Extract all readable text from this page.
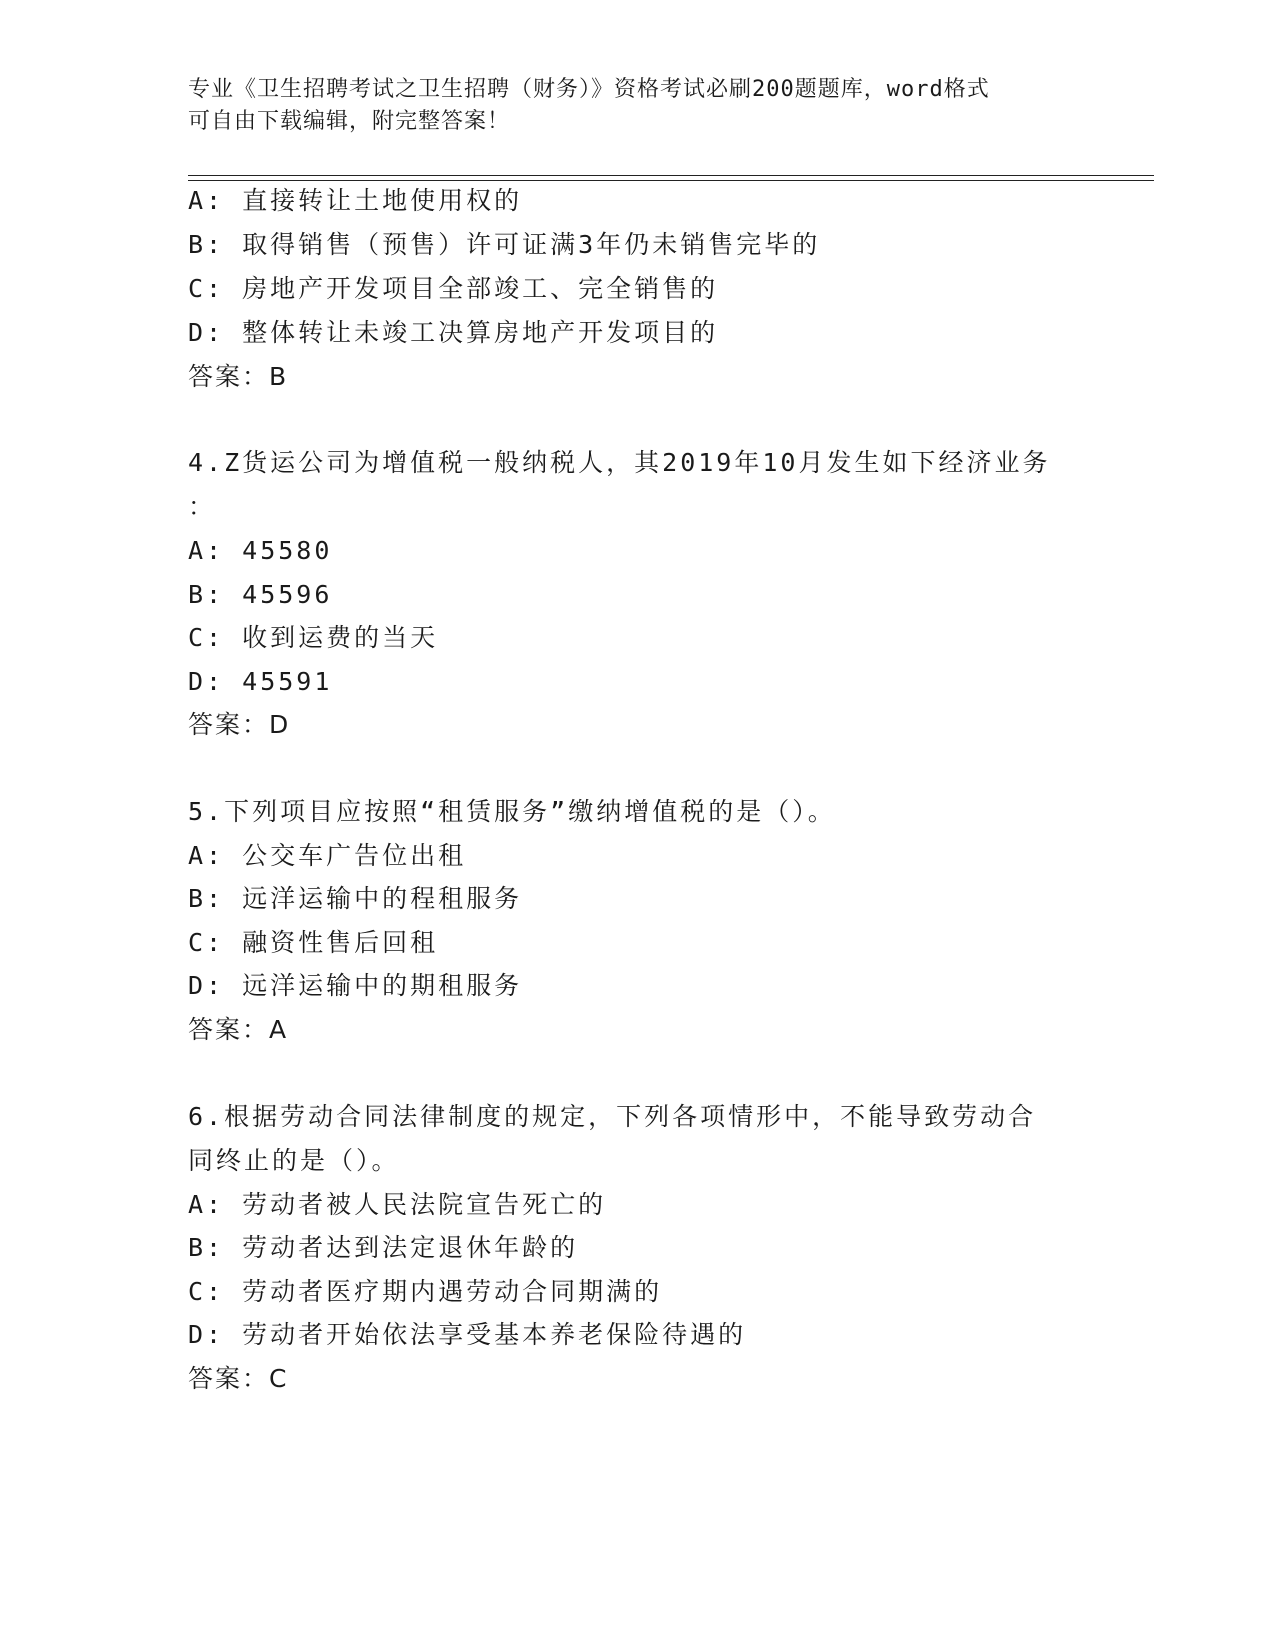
专业《卫生招聘考试之卫生招聘（财务）》资格考试必刷200题题库，word格式
可自由下载编辑，附完整答案！
A: 直接转让土地使用权的
B: 取得销售（预售）许可证满3年仍未销售完毕的
C: 房地产开发项目全部竣工、完全销售的
D: 整体转让未竣工决算房地产开发项目的
答案：B
4.Z货运公司为增值税一般纳税人，其2019年10月发生如下经济业务
：
A: 45580
B: 45596
C: 收到运费的当天
D: 45591
答案：D
5.下列项目应按照“租赁服务”缴纳增值税的是（）。
A: 公交车广告位出租
B: 远洋运输中的程租服务
C: 融资性售后回租
D: 远洋运输中的期租服务
答案：A
6.根据劳动合同法律制度的规定，下列各项情形中，不能导致劳动合
同终止的是（）。
A: 劳动者被人民法院宣告死亡的
B: 劳动者达到法定退休年龄的
C: 劳动者医疗期内遇劳动合同期满的
D: 劳动者开始依法享受基本养老保险待遇的
答案：C
